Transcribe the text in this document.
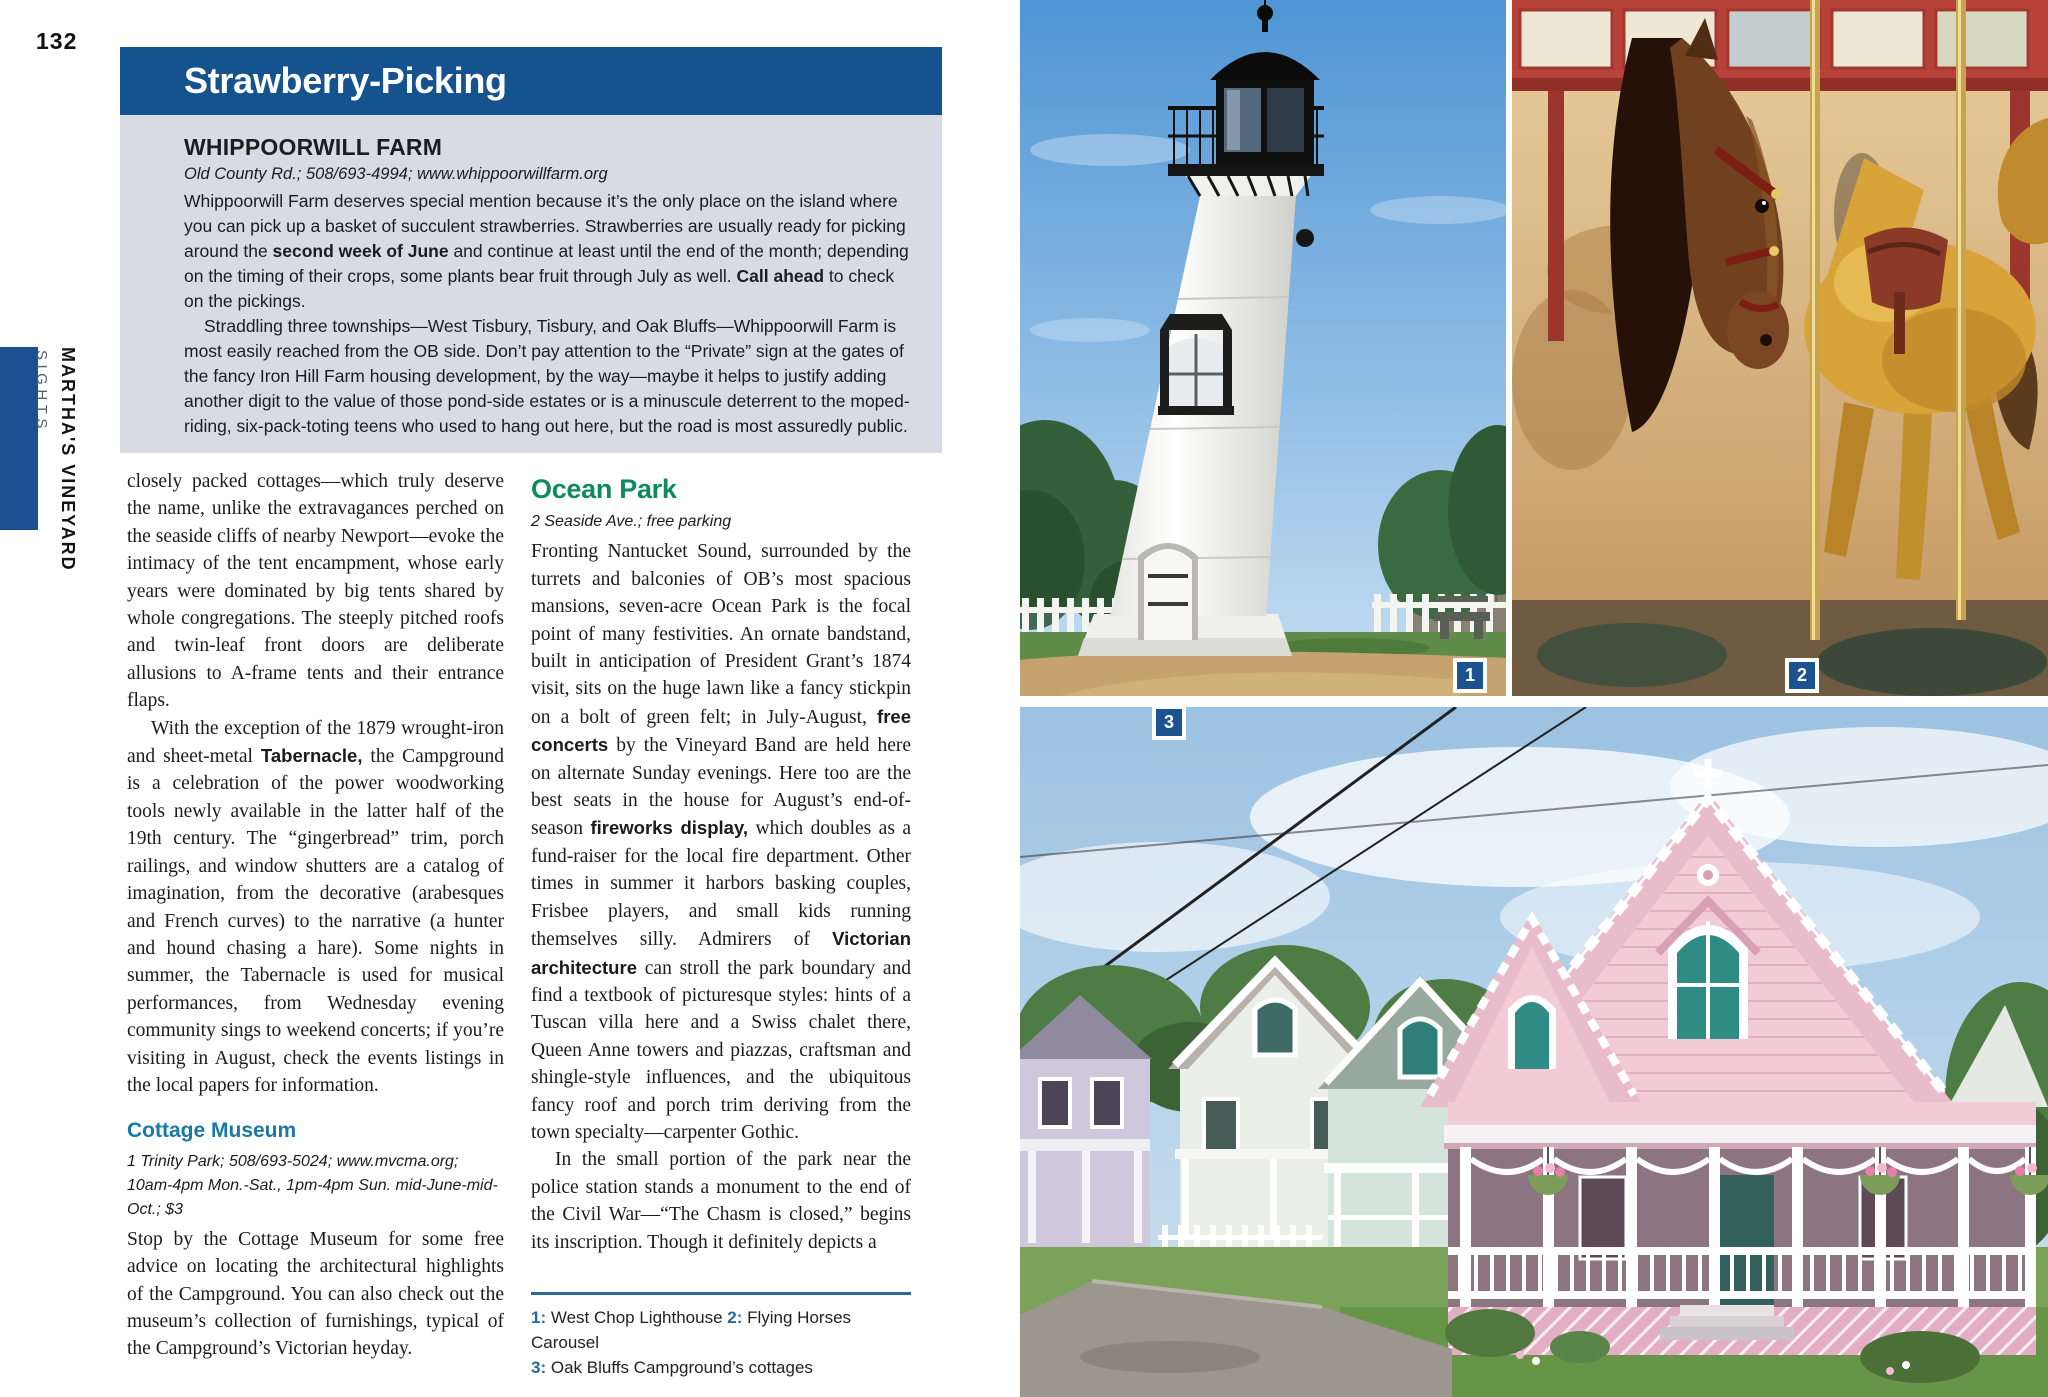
132
MARTHA'S VINEYARD
SIGHTS
Strawberry-Picking
WHIPPOORWILL FARM
Old County Rd.; 508/693-4994; www.whippoorwillfarm.org

Whippoorwill Farm deserves special mention because it’s the only place on the island where you can pick up a basket of succulent strawberries. Strawberries are usually ready for picking around the second week of June and continue at least until the end of the month; depending on the timing of their crops, some plants bear fruit through July as well. Call ahead to check on the pickings.

Straddling three townships—West Tisbury, Tisbury, and Oak Bluffs—Whippoorwill Farm is most easily reached from the OB side. Don’t pay attention to the “Private” sign at the gates of the fancy Iron Hill Farm housing development, by the way—maybe it helps to justify adding another digit to the value of those pond-side estates or is a minuscule deterrent to the moped-riding, six-pack-toting teens who used to hang out here, but the road is most assuredly public.

closely packed cottages—which truly deserve the name, unlike the extravagances perched on the seaside cliffs of nearby Newport—evoke the intimacy of the tent encampment, whose early years were dominated by big tents shared by whole congregations. The steeply pitched roofs and twin-leaf front doors are deliberate allusions to A-frame tents and their entrance flaps.

With the exception of the 1879 wrought-iron and sheet-metal Tabernacle, the Campground is a celebration of the power woodworking tools newly available in the latter half of the 19th century. The “gingerbread” trim, porch railings, and window shutters are a catalog of imagination, from the decorative (arabesques and French curves) to the narrative (a hunter and hound chasing a hare). Some nights in summer, the Tabernacle is used for musical performances, from Wednesday evening community sings to weekend concerts; if you’re visiting in August, check the events listings in the local papers for information.

Cottage Museum
1 Trinity Park; 508/693-5024; www.mvcma.org; 10am-4pm Mon.-Sat., 1pm-4pm Sun. mid-June-mid-Oct.; $3

Stop by the Cottage Museum for some free advice on locating the architectural highlights of the Campground. You can also check out the museum’s collection of furnishings, typical of the Campground’s Victorian heyday.

Ocean Park
2 Seaside Ave.; free parking

Fronting Nantucket Sound, surrounded by the turrets and balconies of OB’s most spacious mansions, seven-acre Ocean Park is the focal point of many festivities. An ornate bandstand, built in anticipation of President Grant’s 1874 visit, sits on the huge lawn like a fancy stickpin on a bolt of green felt; in July-August, free concerts by the Vineyard Band are held here on alternate Sunday evenings. Here too are the best seats in the house for August’s end-of-season fireworks display, which doubles as a fund-raiser for the local fire department. Other times in summer it harbors basking couples, Frisbee players, and small kids running themselves silly. Admirers of Victorian architecture can stroll the park boundary and find a textbook of picturesque styles: hints of a Tuscan villa here and a Swiss chalet there, Queen Anne towers and piazzas, craftsman and shingle-style influences, and the ubiquitous fancy roof and porch trim deriving from the town specialty—carpenter Gothic.

In the small portion of the park near the police station stands a monument to the end of the Civil War—“The Chasm is closed,” begins its inscription. Though it definitely depicts a

1: West Chop Lighthouse 2: Flying Horses Carousel
3: Oak Bluffs Campground’s cottages
1	2
3
